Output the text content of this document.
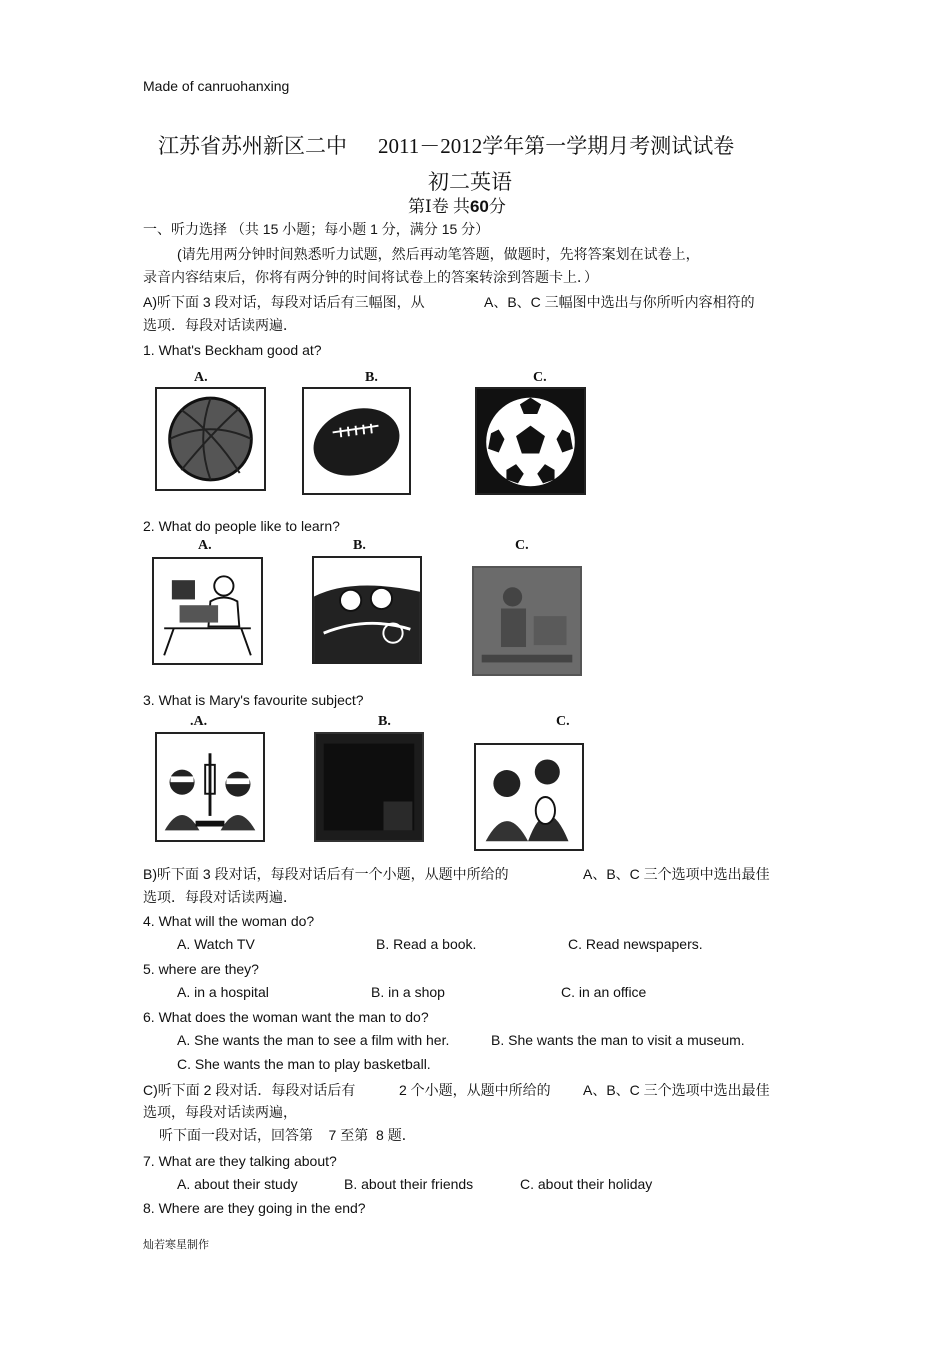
Made of canruohanxing
江苏省苏州新区二中 2011－2012学年第一学期月考测试试卷
初二英语
第Ⅰ卷 共60分
一、听力选择 （共 15 小题；每小题 1 分，满分 15 分）
(请先用两分钟时间熟悉听力试题，然后再动笔答题，做题时，先将答案划在试卷上，
录音内容结束后，你将有两分钟的时间将试卷上的答案转涂到答题卡上．）
A)听下面 3 段对话，每段对话后有三幅图，从	A、B、C 三幅图中选出与你所听内容相符的
选项．每段对话读两遍．
1. What's Beckham good at?
A.	B.	C.
2. What do people like to learn?
A.	B.	C.
3. What is Mary's favourite subject?
.A.	B.	C.
B)听下面 3 段对话，每段对话后有一个小题，从题中所给的	A、B、C 三个选项中选出最佳
选项．每段对话读两遍．
4. What will the woman do?
A. Watch TV	B. Read a book.	C. Read newspapers.
5. where are they?
A. in a hospital	B. in a shop	C. in an office
6. What does the woman want the man to do?
A. She wants the man to see a film with her.	B. She wants the man to visit a museum.
C. She wants the man to play basketball.
C)听下面 2 段对话．每段对话后有	2 个小题，从题中所给的 A、B、C 三个选项中选出最佳
选项，每段对话读两遍，
听下面一段对话，回答第    7 至第  8 题．
7. What are they talking about?
A. about their study	B. about their friends	C. about their holiday
8. Where are they going in the end?
灿若寒星制作
